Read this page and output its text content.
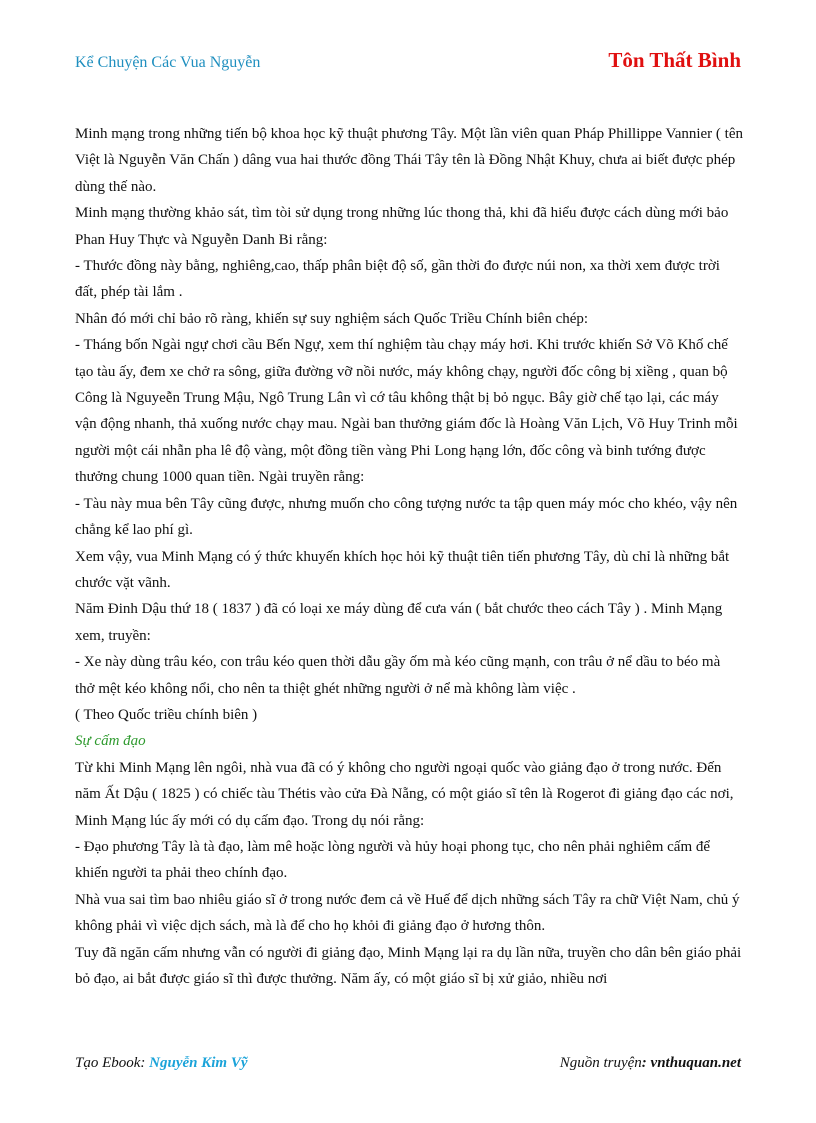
Kể Chuyện Các Vua Nguyễn	Tôn Thất Bình

Minh mạng trong những tiến bộ khoa học kỹ thuật phương Tây. Một lần viên quan Pháp Phillippe Vannier ( tên Việt là Nguyễn Văn Chấn ) dâng vua hai thước đồng Thái Tây tên là Đồng Nhật Khuy, chưa ai biết được phép dùng thế nào.

Minh mạng thường khảo sát, tìm tòi sử dụng trong những lúc thong thả, khi đã hiểu được cách dùng mới bảo Phan Huy Thực và Nguyễn Danh Bi rằng:

- Thước đồng này bằng, nghiêng,cao, thấp phân biệt độ số, gần thời đo được núi non, xa thời xem được trời đất, phép tài lắm .

Nhân đó mới chỉ bảo rõ ràng, khiến sự suy nghiệm sách Quốc Triều Chính biên chép:

- Tháng bốn Ngài ngự chơi cầu Bến Ngự, xem thí nghiệm tàu chạy máy hơi. Khi trước khiến Sở Võ Khố chế tạo tàu ấy, đem xe chở ra sông, giữa đường vỡ nồi nước, máy không chạy, người đốc công bị xiềng , quan bộ Công là Nguyeễn Trung Mậu, Ngô Trung Lân vì cớ tâu không thật bị bỏ ngục. Bây giờ chế tạo lại, các máy vận động nhanh, thả xuống nước chạy mau. Ngài ban thưởng giám đốc là Hoàng Văn Lịch, Võ Huy Trinh mỗi người một cái nhẫn pha lê độ vàng, một đồng tiền vàng Phi Long hạng lớn, đốc công và binh tướng được thưởng chung 1000 quan tiền. Ngài truyền rằng:

- Tàu này mua bên Tây cũng được, nhưng muốn cho công tượng nước ta tập quen máy móc cho khéo, vậy nên chẳng kể lao phí gì.

Xem vậy, vua Minh Mạng có ý thức khuyến khích học hỏi kỹ thuật tiên tiến phương Tây, dù chỉ là những bắt chước vặt vãnh.

Năm Đinh Dậu thứ 18 ( 1837 ) đã có loại xe máy dùng để cưa ván ( bắt chước theo cách Tây ) . Minh Mạng xem, truyền:

- Xe này dùng trâu kéo, con trâu kéo quen thời dẫu gầy ốm mà kéo cũng mạnh, con trâu ở nể dầu to béo mà thở mệt kéo không nổi, cho nên ta thiệt ghét những người ở nể mà không làm việc .

( Theo Quốc triều chính biên )

Sự cấm đạo

Từ khi Minh Mạng lên ngôi, nhà vua đã có ý không cho người ngoại quốc vào giảng đạo ở trong nước. Đến năm Ất Dậu ( 1825 ) có chiếc tàu Thétis vào cửa Đà Nẵng, có một giáo sĩ tên là Rogerot đi giảng đạo các nơi, Minh Mạng lúc ấy mới có dụ cấm đạo. Trong dụ nói rằng:

- Đạo phương Tây là tà đạo, làm mê hoặc lòng người và hủy hoại phong tục, cho nên phải nghiêm cấm để khiến người ta phải theo chính đạo.

Nhà vua sai tìm bao nhiêu giáo sĩ ở trong nước đem cả về Huế để dịch những sách Tây ra chữ Việt Nam, chủ ý không phải vì việc dịch sách, mà là để cho họ khỏi đi giảng đạo ở hương thôn.

Tuy đã ngăn cấm nhưng vẫn có người đi giảng đạo, Minh Mạng lại ra dụ lần nữa, truyền cho dân bên giáo phải bỏ đạo, ai bắt được giáo sĩ thì được thưởng. Năm ấy, có một giáo sĩ bị xử giảo, nhiều nơi

Tạo Ebook: Nguyễn Kim Vỹ	Nguồn truyện: vnthuquan.net
